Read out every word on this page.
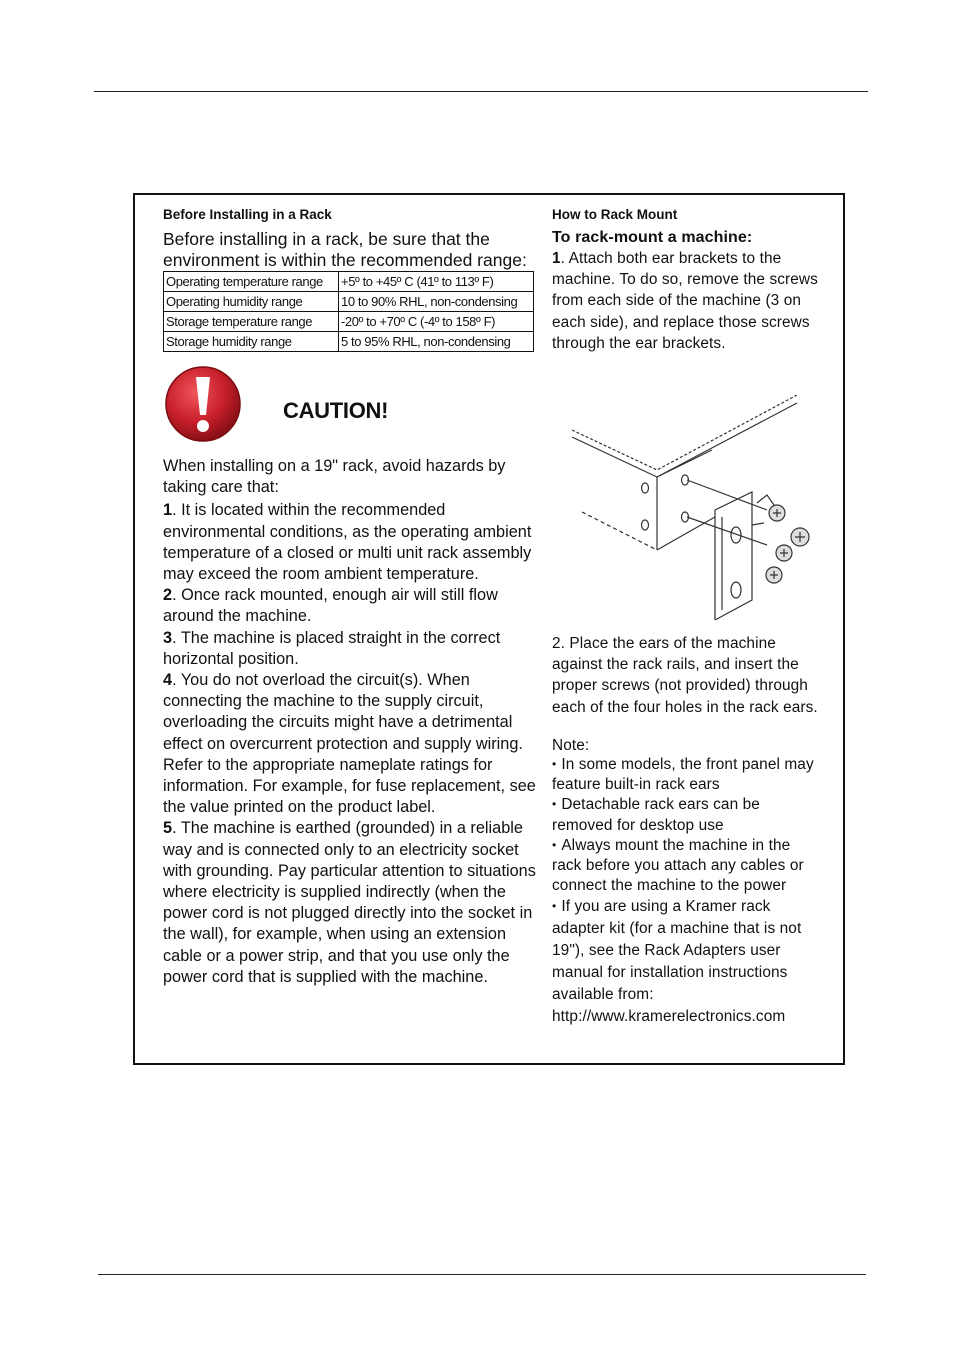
Before Installing in a Rack
Before installing in a rack, be sure that the
environment is within the recommended range:
Operating temperature range	+5º to +45º C (41º to 113º F)
Operating humidity range	10 to 90% RHL, non-condensing
Storage temperature range	-20º to +70º C (-4º to 158º F)
Storage humidity range	5 to 95% RHL, non-condensing
CAUTION!

When installing on a 19" rack, avoid hazards by taking care that:

1. It is located within the recommended environmental conditions, as the operating ambient temperature of a closed or multi unit rack assembly may exceed the room ambient temperature.

2. Once rack mounted, enough air will still flow around the machine.

3. The machine is placed straight in the correct horizontal position.

4. You do not overload the circuit(s). When connecting the machine to the supply circuit, overloading the circuits might have a detrimental effect on overcurrent protection and supply wiring. Refer to the appropriate nameplate ratings for information. For example, for fuse replacement, see the value printed on the product label.

5. The machine is earthed (grounded) in a reliable way and is connected only to an electricity socket with grounding. Pay particular attention to situations where electricity is supplied indirectly (when the power cord is not plugged directly into the socket in the wall), for example, when using an extension cable or a power strip, and that you use only the power cord that is supplied with the machine.

How to Rack Mount
To rack-mount a machine:

1. Attach both ear brackets to the machine. To do so, remove the screws from each side of the machine (3 on each side), and replace those screws through the ear brackets.

2. Place the ears of the machine against the rack rails, and insert the proper screws (not provided) through each of the four holes in the rack ears.
Note:

• In some models, the front panel may feature built-in rack ears

• Detachable rack ears can be removed for desktop use

• Always mount the machine in the rack before you attach any cables or connect the machine to the power

• If you are using a Kramer rack adapter kit (for a machine that is not 19"), see the Rack Adapters user manual for installation instructions available from:

http://www.kramerelectronics.com
